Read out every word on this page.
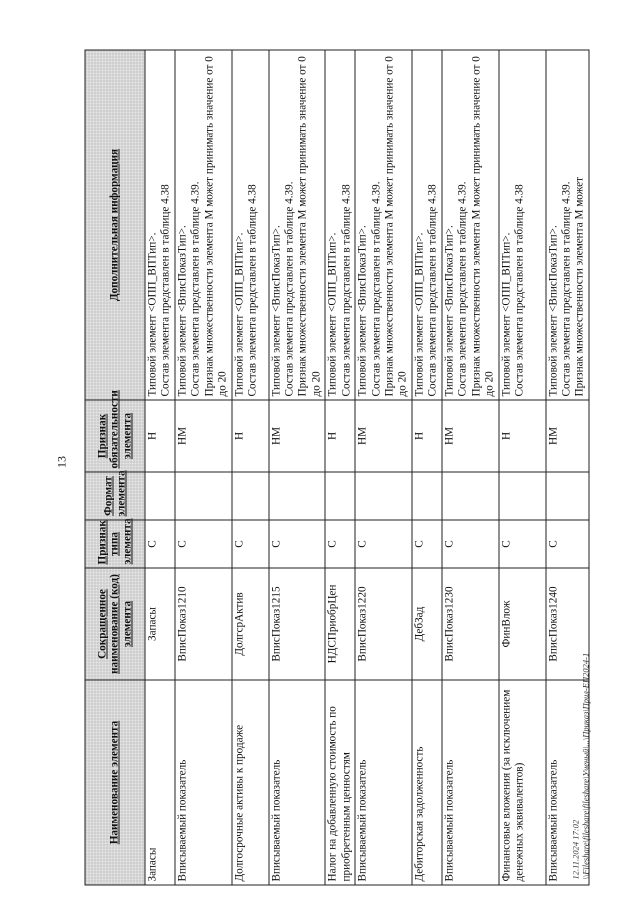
13
Наименование элемента	Сокращенное наименование (код) элемента	Признак типа элемента	Формат элемента	Признак обязательности элемента	Дополнительная информация
Запасы	Запасы	С		Н	Типовой элемент <ОПП_ВПТип>. Состав элемента представлен в таблице 4.38

Вписываемый показатель	ВписПоказ1210	С		НМ	Типовой элемент <ВписПоказТип>. Состав элемента представлен в таблице 4.39. Признак множественности элемента М может принимать значение от 0 до 20

Долгосрочные активы к продаже	ДолгсрАктив	С		Н	Типовой элемент <ОПП_ВПТип>. Состав элемента представлен в таблице 4.38

Вписываемый показатель	ВписПоказ1215	С		НМ	Типовой элемент <ВписПоказТип>. Состав элемента представлен в таблице 4.39. Признак множественности элемента М может принимать значение от 0 до 20

Налог на добавленную стоимость по приобретенным ценностям	НДСПриобрЦен	С		Н	Типовой элемент <ОПП_ВПТип>. Состав элемента представлен в таблице 4.38

Вписываемый показатель	ВписПоказ1220	С		НМ	Типовой элемент <ВписПоказТип>. Состав элемента представлен в таблице 4.39. Признак множественности элемента М может принимать значение от 0 до 20

Дебиторская задолженность	ДебЗад	С		Н	Типовой элемент <ОПП_ВПТип>. Состав элемента представлен в таблице 4.38

Вписываемый показатель	ВписПоказ1230	С		НМ	Типовой элемент <ВписПоказТип>. Состав элемента представлен в таблице 4.39. Признак множественности элемента М может принимать значение от 0 до 20

Финансовые вложения (за исключением денежных эквивалентов)	ФинВлож	С		Н	Типовой элемент <ОПП_ВПТип>. Состав элемента представлен в таблице 4.38

Вписываемый показатель	ВписПоказ1240	С		НМ	Типовой элемент <ВписПоказТип>. Состав элемента представлен в таблице 4.39. Признак множественности элемента М может
12.11.2024 17:02 \\Fileshare\fileshare\fileshare\Ученый\...\Приказ\Прил-ЕП2024-1
